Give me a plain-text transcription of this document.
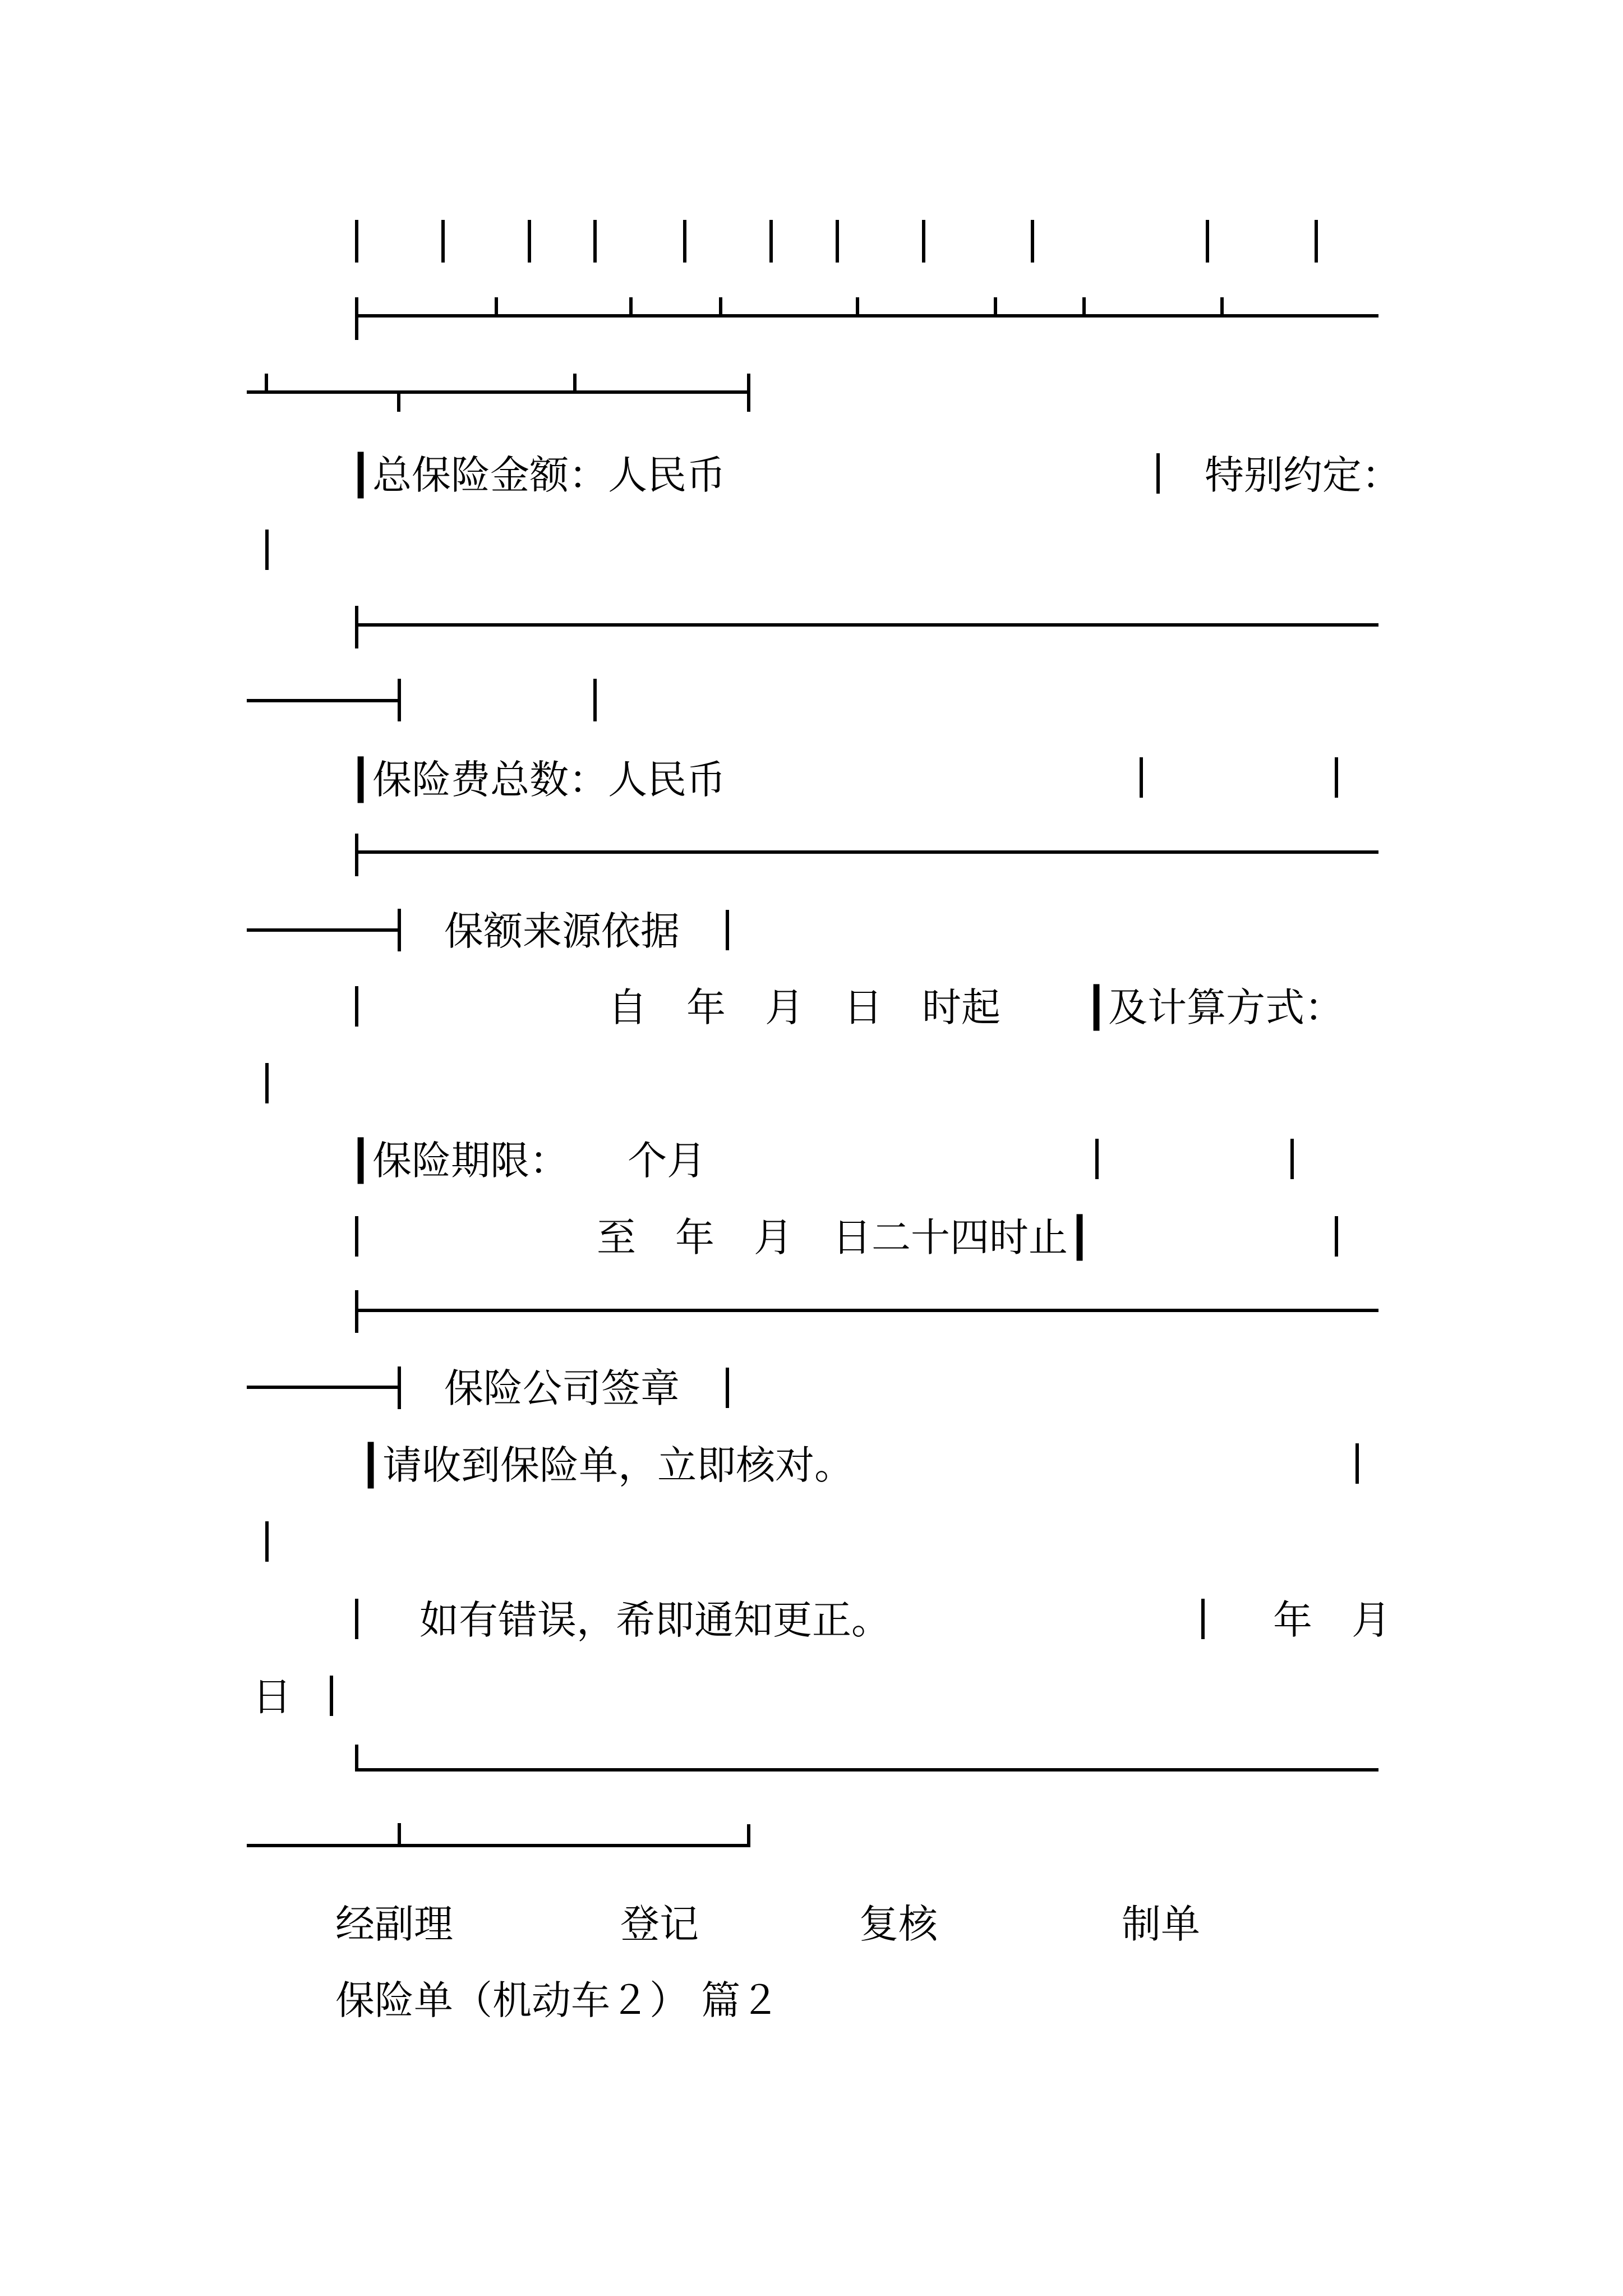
┃总保险金额：人民币	特别约定：
┃保险费总数：人民币
保额来源依据
自　年　月　日　时起 ┃及计算方式：
┃保险期限：　　个月
至　年　月　日二十四时止┃
保险公司签章
┃请收到保险单，立即核对。
如有错误，希即通知更正。	年　月
日
经副理	登记	复核	制单
保险单（机动车２） 篇２
